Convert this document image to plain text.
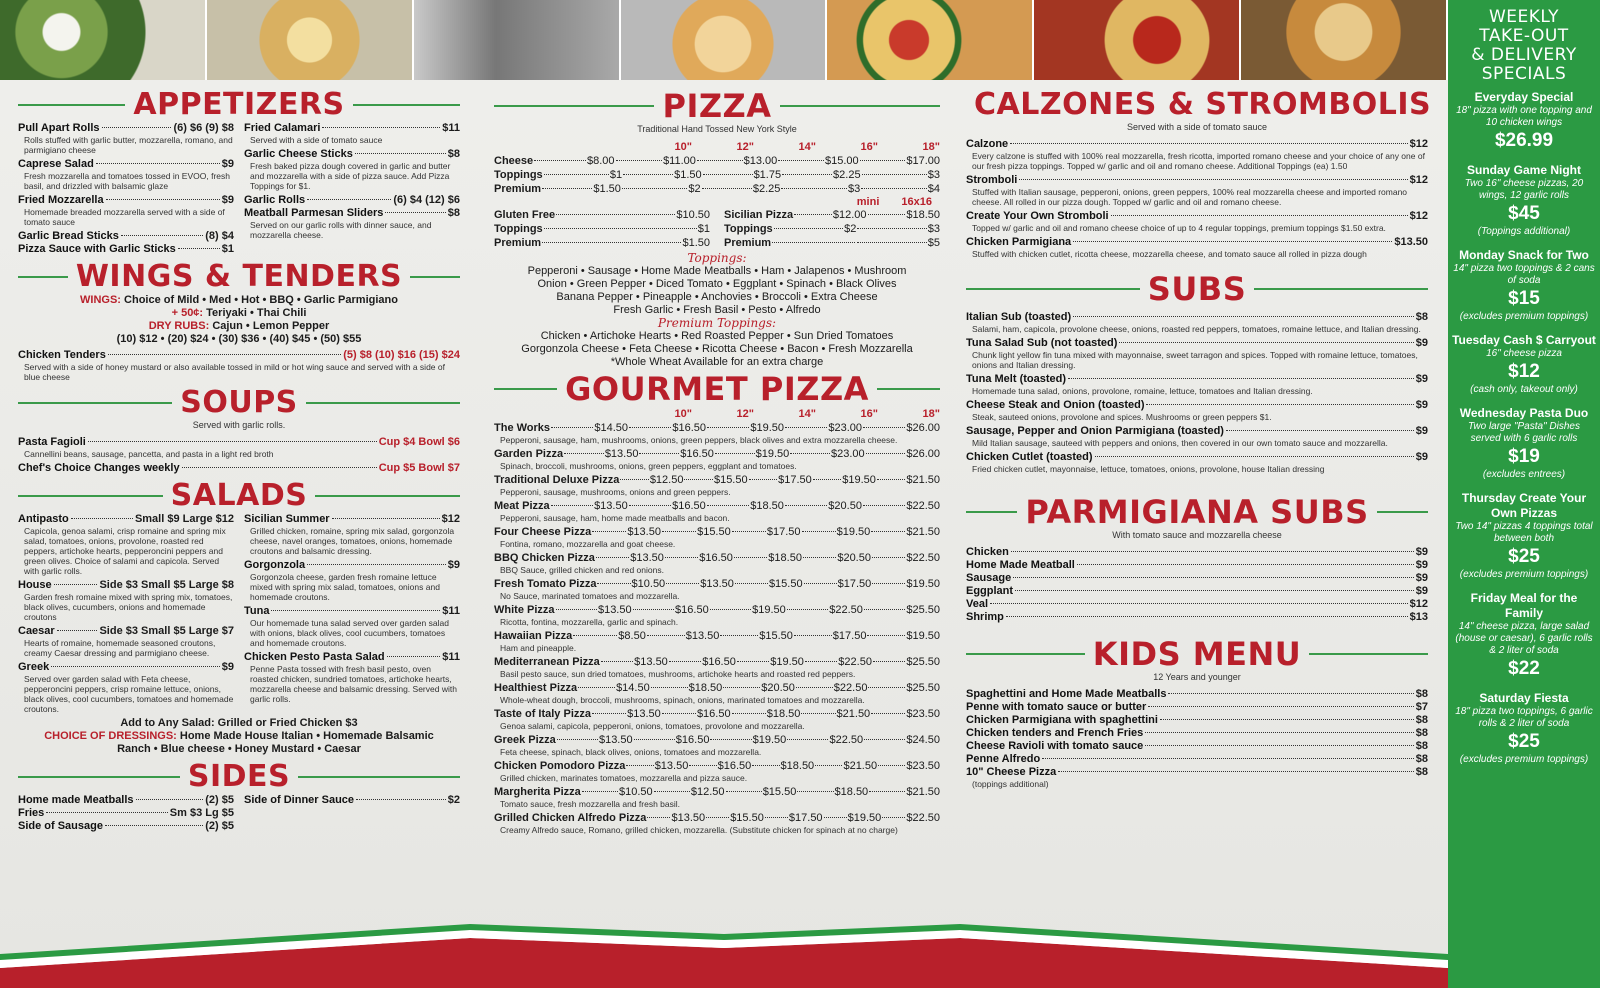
APPETIZERS
Pull Apart Rolls	(6) $6 (9) $8
Rolls stuffed with garlic butter, mozzarella, romano, and parmigiano cheese
Caprese Salad	$9
Fresh mozzarella and tomatoes tossed in EVOO, fresh basil, and drizzled with balsamic glaze
Fried Mozzarella	$9
Homemade breaded mozzarella served with a side of tomato sauce
Garlic Bread Sticks	(8) $4
Pizza Sauce with Garlic Sticks	$1
Fried Calamari	$11
Served with a side of tomato sauce
Garlic Cheese Sticks	$8
Fresh baked pizza dough covered in garlic and butter and mozzarella with a side of pizza sauce. Add Pizza Toppings for $1.
Garlic Rolls	(6) $4 (12) $6
Meatball Parmesan Sliders	$8
Served on our garlic rolls with dinner sauce, and mozzarella cheese.
WINGS & TENDERS
WINGS: Choice of Mild • Med • Hot • BBQ • Garlic Parmigiano
+ 50¢: Teriyaki • Thai Chili
DRY RUBS: Cajun • Lemon Pepper
(10) $12 • (20) $24 • (30) $36 • (40) $45 • (50) $55
Chicken Tenders	(5) $8 (10) $16 (15) $24
Served with a side of honey mustard or also available tossed in mild or hot wing sauce and served with a side of blue cheese
SOUPS
Served with garlic rolls.
Pasta Fagioli	Cup $4 Bowl $6
Cannellini beans, sausage, pancetta, and pasta in a light red broth
Chef's Choice Changes weekly	Cup $5 Bowl $7
SALADS
Antipasto	Small $9 Large $12
Capicola, genoa salami, crisp romaine and spring mix salad, tomatoes, onions, provolone, roasted red peppers, artichoke hearts, pepperoncini peppers and green olives. Choice of salami and capicola. Served with garlic rolls.
House	Side $3 Small $5 Large $8
Garden fresh romaine mixed with spring mix, tomatoes, black olives, cucumbers, onions and homemade croutons
Caesar	Side $3 Small $5 Large $7
Hearts of romaine, homemade seasoned croutons, creamy Caesar dressing and parmigiano cheese.
Greek	$9
Served over garden salad with Feta cheese, pepperoncini peppers, crisp romaine lettuce, onions, black olives, cool cucumbers, tomatoes and homemade croutons.
Sicilian Summer	$12
Grilled chicken, romaine, spring mix salad, gorgonzola cheese, navel oranges, tomatoes, onions, homemade croutons and balsamic dressing.
Gorgonzola	$9
Gorgonzola cheese, garden fresh romaine lettuce mixed with spring mix salad, tomatoes, onions and homemade croutons.
Tuna	$11
Our homemade tuna salad served over garden salad with onions, black olives, cool cucumbers, tomatoes and homemade croutons.
Chicken Pesto Pasta Salad	$11
Penne Pasta tossed with fresh basil pesto, oven roasted chicken, sundried tomatoes, artichoke hearts, mozzarella cheese and balsamic dressing. Served with garlic rolls.
Add to Any Salad: Grilled or Fried Chicken $3
CHOICE OF DRESSINGS: Home Made House Italian • Homemade Balsamic
Ranch • Blue cheese • Honey Mustard • Caesar
SIDES
Home made Meatballs	(2) $5
Fries	Sm $3 Lg $5
Side of Sausage	(2) $5
Side of Dinner Sauce	$2
PIZZA
Traditional Hand Tossed New York Style
10"	12"	14"	16"	18"
Cheese	$8.00	$11.00	$13.00	$15.00	$17.00
Toppings	$1	$1.50	$1.75	$2.25	$3
Premium	$1.50	$2	$2.25	$3	$4
mini 16x16
Gluten Free	$10.50
Toppings	$1
Premium	$1.50
Sicilian Pizza	$12.00	$18.50
Toppings	$2	$3
Premium	$5
Toppings:
Pepperoni • Sausage • Home Made Meatballs • Ham • Jalapenos • Mushroom
Onion • Green Pepper • Diced Tomato • Eggplant • Spinach • Black Olives
Banana Pepper • Pineapple • Anchovies • Broccoli • Extra Cheese
Fresh Garlic • Fresh Basil • Pesto • Alfredo
Premium Toppings:
Chicken • Artichoke Hearts • Red Roasted Pepper • Sun Dried Tomatoes
Gorgonzola Cheese • Feta Cheese • Ricotta Cheese • Bacon • Fresh Mozzarella
*Whole Wheat Available for an extra charge
GOURMET PIZZA
10"	12"	14"	16"	18"
The Works	$14.50	$16.50	$19.50	$23.00	$26.00
Pepperoni, sausage, ham, mushrooms, onions, green peppers, black olives and extra mozzarella cheese.
Garden Pizza	$13.50	$16.50	$19.50	$23.00	$26.00
Spinach, broccoli, mushrooms, onions, green peppers, eggplant and tomatoes.
Traditional Deluxe Pizza	$12.50	$15.50	$17.50	$19.50	$21.50
Pepperoni, sausage, mushrooms, onions and green peppers.
Meat Pizza	$13.50	$16.50	$18.50	$20.50	$22.50
Pepperoni, sausage, ham, home made meatballs and bacon.
Four Cheese Pizza	$13.50	$15.50	$17.50	$19.50	$21.50
Fontina, romano, mozzarella and goat cheese.
BBQ Chicken Pizza	$13.50	$16.50	$18.50	$20.50	$22.50
BBQ Sauce, grilled chicken and red onions.
Fresh Tomato Pizza	$10.50	$13.50	$15.50	$17.50	$19.50
No Sauce, marinated tomatoes and mozzarella.
White Pizza	$13.50	$16.50	$19.50	$22.50	$25.50
Ricotta, fontina, mozzarella, garlic and spinach.
Hawaiian Pizza	$8.50	$13.50	$15.50	$17.50	$19.50
Ham and pineapple.
Mediterranean Pizza	$13.50	$16.50	$19.50	$22.50	$25.50
Basil pesto sauce, sun dried tomatoes, mushrooms, artichoke hearts and roasted red peppers.
Healthiest Pizza	$14.50	$18.50	$20.50	$22.50	$25.50
Whole-wheat dough, broccoli, mushrooms, spinach, onions, marinated tomatoes and mozzarella.
Taste of Italy Pizza	$13.50	$16.50	$18.50	$21.50	$23.50
Genoa salami, capicola, pepperoni, onions, tomatoes, provolone and mozzarella.
Greek Pizza	$13.50	$16.50	$19.50	$22.50	$24.50
Feta cheese, spinach, black olives, onions, tomatoes and mozzarella.
Chicken Pomodoro Pizza	$13.50	$16.50	$18.50	$21.50	$23.50
Grilled chicken, marinates tomatoes, mozzarella and pizza sauce.
Margherita Pizza	$10.50	$12.50	$15.50	$18.50	$21.50
Tomato sauce, fresh mozzarella and fresh basil.
Grilled Chicken Alfredo Pizza $13.50 $15.50 $17.50 $19.50 $22.50
Creamy Alfredo sauce, Romano, grilled chicken, mozzarella. (Substitute chicken for spinach at no charge)
CALZONES & STROMBOLIS
Served with a side of tomato sauce
Calzone	$12
Every calzone is stuffed with 100% real mozzarella, fresh ricotta, imported romano cheese and your choice of any one of our fresh pizza toppings. Topped w/ garlic and oil and romano cheese. Additional Toppings (ea) 1.50
Stromboli	$12
Stuffed with Italian sausage, pepperoni, onions, green peppers, 100% real mozzarella cheese and imported romano cheese. All rolled in our pizza dough. Topped w/ garlic and oil and romano cheese.
Create Your Own Stromboli	$12
Topped w/ garlic and oil and romano cheese choice of up to 4 regular toppings, premium toppings $1.50 extra.
Chicken Parmigiana	$13.50
Stuffed with chicken cutlet, ricotta cheese, mozzarella cheese, and tomato sauce all rolled in pizza dough
SUBS
Italian Sub (toasted)	$8
Salami, ham, capicola, provolone cheese, onions, roasted red peppers, tomatoes, romaine lettuce, and Italian dressing.
Tuna Salad Sub (not toasted)	$9
Chunk light yellow fin tuna mixed with mayonnaise, sweet tarragon and spices. Topped with romaine lettuce, tomatoes, onions and Italian dressing.
Tuna Melt (toasted)	$9
Homemade tuna salad, onions, provolone, romaine, lettuce, tomatoes and Italian dressing.
Cheese Steak and Onion (toasted)	$9
Steak, sauteed onions, provolone and spices. Mushrooms or green peppers $1.
Sausage, Pepper and Onion Parmigiana (toasted)	$9
Mild Italian sausage, sauteed with peppers and onions, then covered in our own tomato sauce and mozzarella.
Chicken Cutlet (toasted)	$9
Fried chicken cutlet, mayonnaise, lettuce, tomatoes, onions, provolone, house Italian dressing
PARMIGIANA SUBS
With tomato sauce and mozzarella cheese
Chicken	$9
Home Made Meatball	$9
Sausage	$9
Eggplant	$9
Veal	$12
Shrimp	$13
KIDS MENU
12 Years and younger
Spaghettini and Home Made Meatballs	$8
Penne with tomato sauce or butter	$7
Chicken Parmigiana with spaghettini	$8
Chicken tenders and French Fries	$8
Cheese Ravioli with tomato sauce	$8
Penne Alfredo	$8
10" Cheese Pizza	$8
(toppings additional)
WEEKLY
TAKE-OUT
& DELIVERY
SPECIALS
Everyday Special
18" pizza with one topping and 10 chicken wings
$26.99
Sunday Game Night
Two 16" cheese pizzas, 20 wings, 12 garlic rolls
$45
(Toppings additional)
Monday Snack for Two
14" pizza two toppings & 2 cans of soda
$15
(excludes premium toppings)
Tuesday Cash $ Carryout
16" cheese pizza
$12
(cash only, takeout only)
Wednesday Pasta Duo
Two large "Pasta" Dishes served with 6 garlic rolls
$19
(excludes entrees)
Thursday Create Your Own Pizzas
Two 14" pizzas 4 toppings total between both
$25
(excludes premium toppings)
Friday Meal for the Family
14" cheese pizza, large salad (house or caesar), 6 garlic rolls & 2 liter of soda
$22
Saturday Fiesta
18" pizza two toppings, 6 garlic rolls & 2 liter of soda
$25
(excludes premium toppings)
